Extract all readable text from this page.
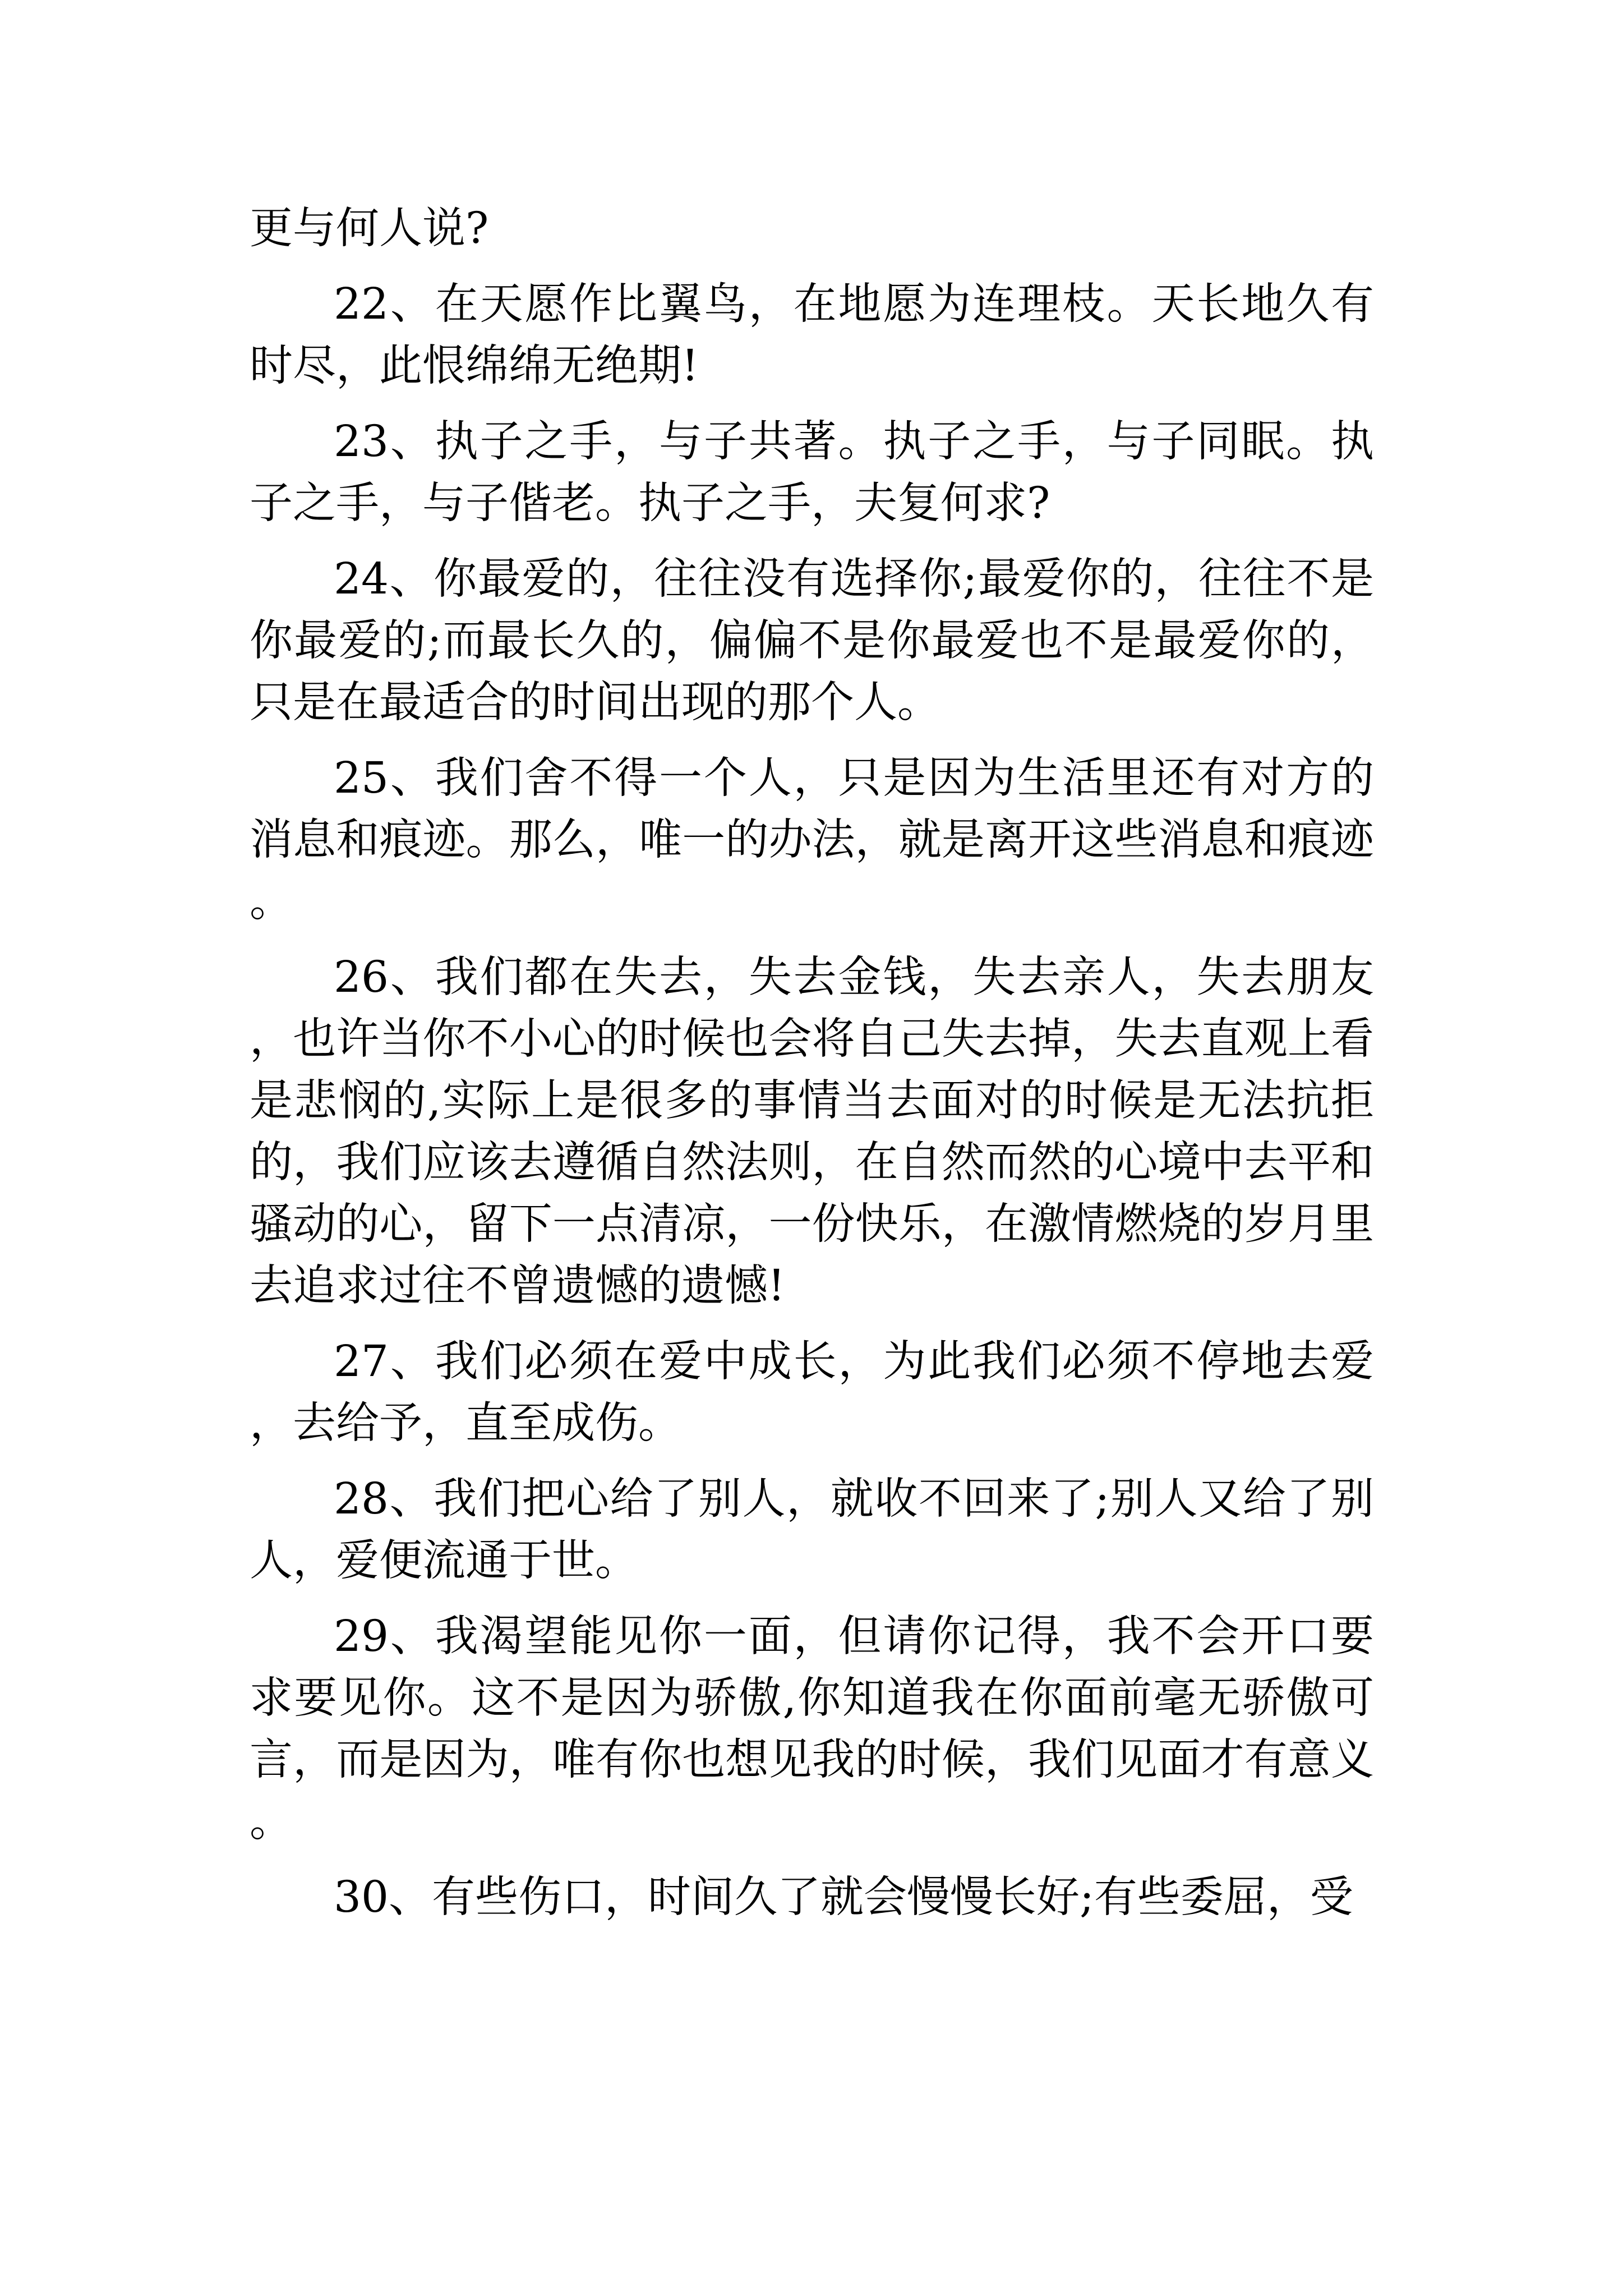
更与何人说?

22、在天愿作比翼鸟，在地愿为连理枝。天长地久有时尽，此恨绵绵无绝期!

23、执子之手，与子共著。执子之手，与子同眠。执子之手，与子偕老。执子之手，夫复何求?

24、你最爱的，往往没有选择你;最爱你的，往往不是你最爱的;而最长久的，偏偏不是你最爱也不是最爱你的，只是在最适合的时间出现的那个人。

25、我们舍不得一个人，只是因为生活里还有对方的消息和痕迹。那么，唯一的办法，就是离开这些消息和痕迹。

26、我们都在失去，失去金钱，失去亲人，失去朋友，也许当你不小心的时候也会将自己失去掉，失去直观上看是悲悯的,实际上是很多的事情当去面对的时候是无法抗拒的，我们应该去遵循自然法则，在自然而然的心境中去平和骚动的心，留下一点清凉，一份快乐，在激情燃烧的岁月里去追求过往不曾遗憾的遗憾!

27、我们必须在爱中成长，为此我们必须不停地去爱，去给予，直至成伤。

28、我们把心给了别人，就收不回来了;别人又给了别人，爱便流通于世。

29、我渴望能见你一面，但请你记得，我不会开口要求要见你。这不是因为骄傲,你知道我在你面前毫无骄傲可言，而是因为，唯有你也想见我的时候，我们见面才有意义。

30、有些伤口，时间久了就会慢慢长好;有些委屈，受
